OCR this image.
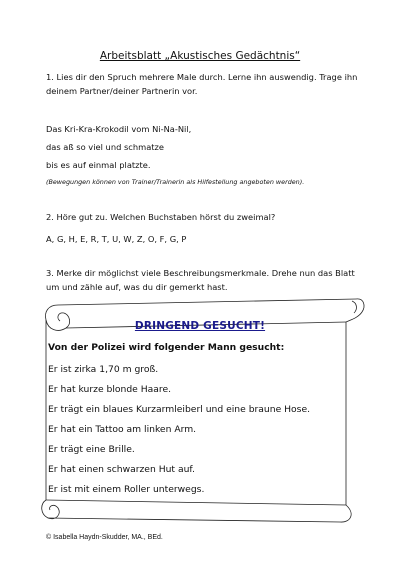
Arbeitsblatt „Akustisches Gedächtnis“
1. Lies dir den Spruch mehrere Male durch. Lerne ihn auswendig. Trage ihn
deinem Partner/deiner Partnerin vor.
Das Kri-Kra-Krokodil vom Ni-Na-Nil,
das aß so viel und schmatze
bis es auf einmal platzte.
(Bewegungen können von Trainer/Trainerin als Hilfestellung angeboten werden).
2. Höre gut zu. Welchen Buchstaben hörst du zweimal?
A, G, H, E, R, T, U, W, Z, O, F, G, P
3. Merke dir möglichst viele Beschreibungsmerkmale. Drehe nun das Blatt
um und zähle auf, was du dir gemerkt hast.
DRINGEND GESUCHT!
Von der Polizei wird folgender Mann gesucht:
Er ist zirka 1,70 m groß.
Er hat kurze blonde Haare.
Er trägt ein blaues Kurzarmleiberl und eine braune Hose.
Er hat ein Tattoo am linken Arm.
Er trägt eine Brille.
Er hat einen schwarzen Hut auf.
Er ist mit einem Roller unterwegs.
© Isabella Haydn-Skudder, MA., BEd.
